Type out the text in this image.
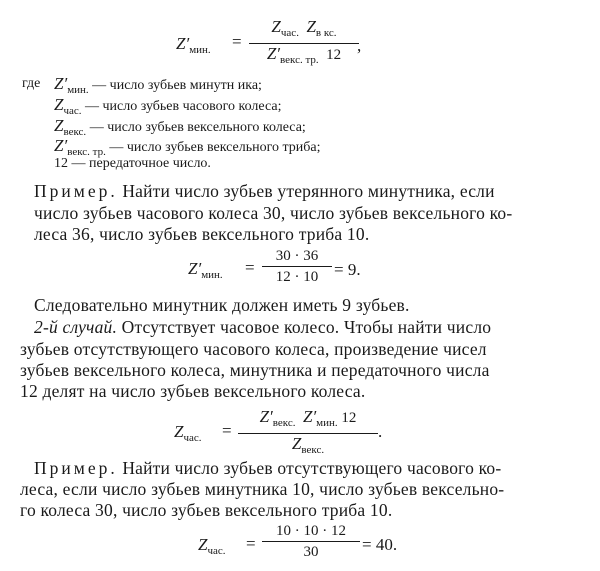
$Z'_{мин.}$ =
$Z_{час.}$ $Z_{в кс.}$
$Z'_{векс. тр.}$ 12 ,
где $Z'_{мин.}$ — число зубьев минутн ика;
$Z_{час.}$ — число зубьев часового колеса;
$Z_{векс.}$ — число зубьев вексельного колеса;
$Z'_{векс. тр.}$ — число зубьев вексельного триба;
12 — передаточное число.
Пример. Найти число зубьев утерянного минутника, если
число зубьев часового колеса 30, число зубьев вексельного ко-
леса 36, число зубьев вексельного триба 10.
$Z'_{мин.}$ =
30 · 36
12 · 10 = 9.
Следовательно минутник должен иметь 9 зубьев.
2-й случай. Отсутствует часовое колесо. Чтобы найти число
зубьев отсутствующего часового колеса, произведение чисел
зубьев вексельного колеса, минутника и передаточного числа
12 делят на число зубьев вексельного колеса.
$Z_{час.}$ =
$Z'_{векс.}$ $Z'_{мин.}$ 12
$Z_{векс.}$
.
Пример. Найти число зубьев отсутствующего часового ко-
леса, если число зубьев минутника 10, число зубьев вексельно-
го колеса 30, число зубьев вексельного триба 10.
$Z_{час.}$ =
10 · 10 · 12
30	= 40.
